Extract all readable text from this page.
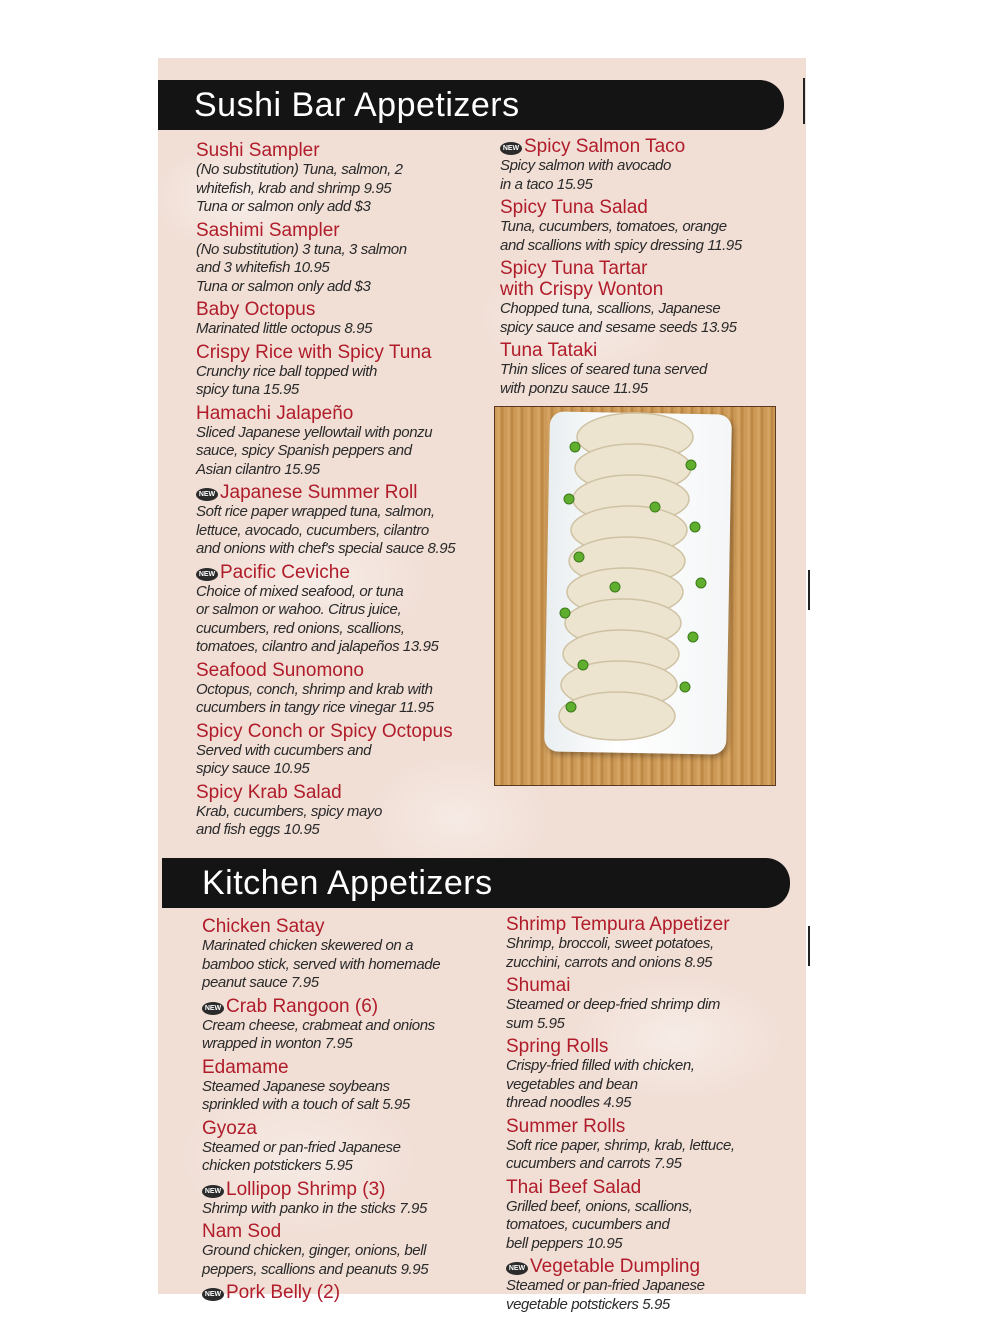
Sushi Bar Appetizers
Sushi Sampler
(No substitution) Tuna, salmon, 2
whitefish, krab and shrimp 9.95
Tuna or salmon only add $3
Sashimi Sampler
(No substitution) 3 tuna, 3 salmon
and 3 whitefish 10.95
Tuna or salmon only add $3
Baby Octopus
Marinated little octopus 8.95
Crispy Rice with Spicy Tuna
Crunchy rice ball topped with
spicy tuna 15.95
Hamachi Jalapeño
Sliced Japanese yellowtail with ponzu
sauce, spicy Spanish peppers and
Asian cilantro 15.95
NEW Japanese Summer Roll
Soft rice paper wrapped tuna, salmon,
lettuce, avocado, cucumbers, cilantro
and onions with chef's special sauce 8.95
NEW Pacific Ceviche
Choice of mixed seafood, or tuna
or salmon or wahoo. Citrus juice,
cucumbers, red onions, scallions,
tomatoes, cilantro and jalapeños 13.95
Seafood Sunomono
Octopus, conch, shrimp and krab with
cucumbers in tangy rice vinegar 11.95
Spicy Conch or Spicy Octopus
Served with cucumbers and
spicy sauce 10.95
Spicy Krab Salad
Krab, cucumbers, spicy mayo
and fish eggs 10.95
NEW Spicy Salmon Taco
Spicy salmon with avocado
in a taco 15.95
Spicy Tuna Salad
Tuna, cucumbers, tomatoes, orange
and scallions with spicy dressing 11.95
Spicy Tuna Tartar
with Crispy Wonton
Chopped tuna, scallions, Japanese
spicy sauce and sesame seeds 13.95
Tuna Tataki
Thin slices of seared tuna served
with ponzu sauce 11.95
Kitchen Appetizers
Chicken Satay
Marinated chicken skewered on a
bamboo stick, served with homemade
peanut sauce 7.95
NEW Crab Rangoon (6)
Cream cheese, crabmeat and onions
wrapped in wonton 7.95
Edamame
Steamed Japanese soybeans
sprinkled with a touch of salt 5.95
Gyoza
Steamed or pan-fried Japanese
chicken potstickers 5.95
NEW Lollipop Shrimp (3)
Shrimp with panko in the sticks 7.95
Nam Sod
Ground chicken, ginger, onions, bell
peppers, scallions and peanuts 9.95
NEW Pork Belly (2)
Shrimp Tempura Appetizer
Shrimp, broccoli, sweet potatoes,
zucchini, carrots and onions 8.95
Shumai
Steamed or deep-fried shrimp dim
sum 5.95
Spring Rolls
Crispy-fried filled with chicken,
vegetables and bean
thread noodles 4.95
Summer Rolls
Soft rice paper, shrimp, krab, lettuce,
cucumbers and carrots 7.95
Thai Beef Salad
Grilled beef, onions, scallions,
tomatoes, cucumbers and
bell peppers 10.95
NEW Vegetable Dumpling
Steamed or pan-fried Japanese
vegetable potstickers 5.95
